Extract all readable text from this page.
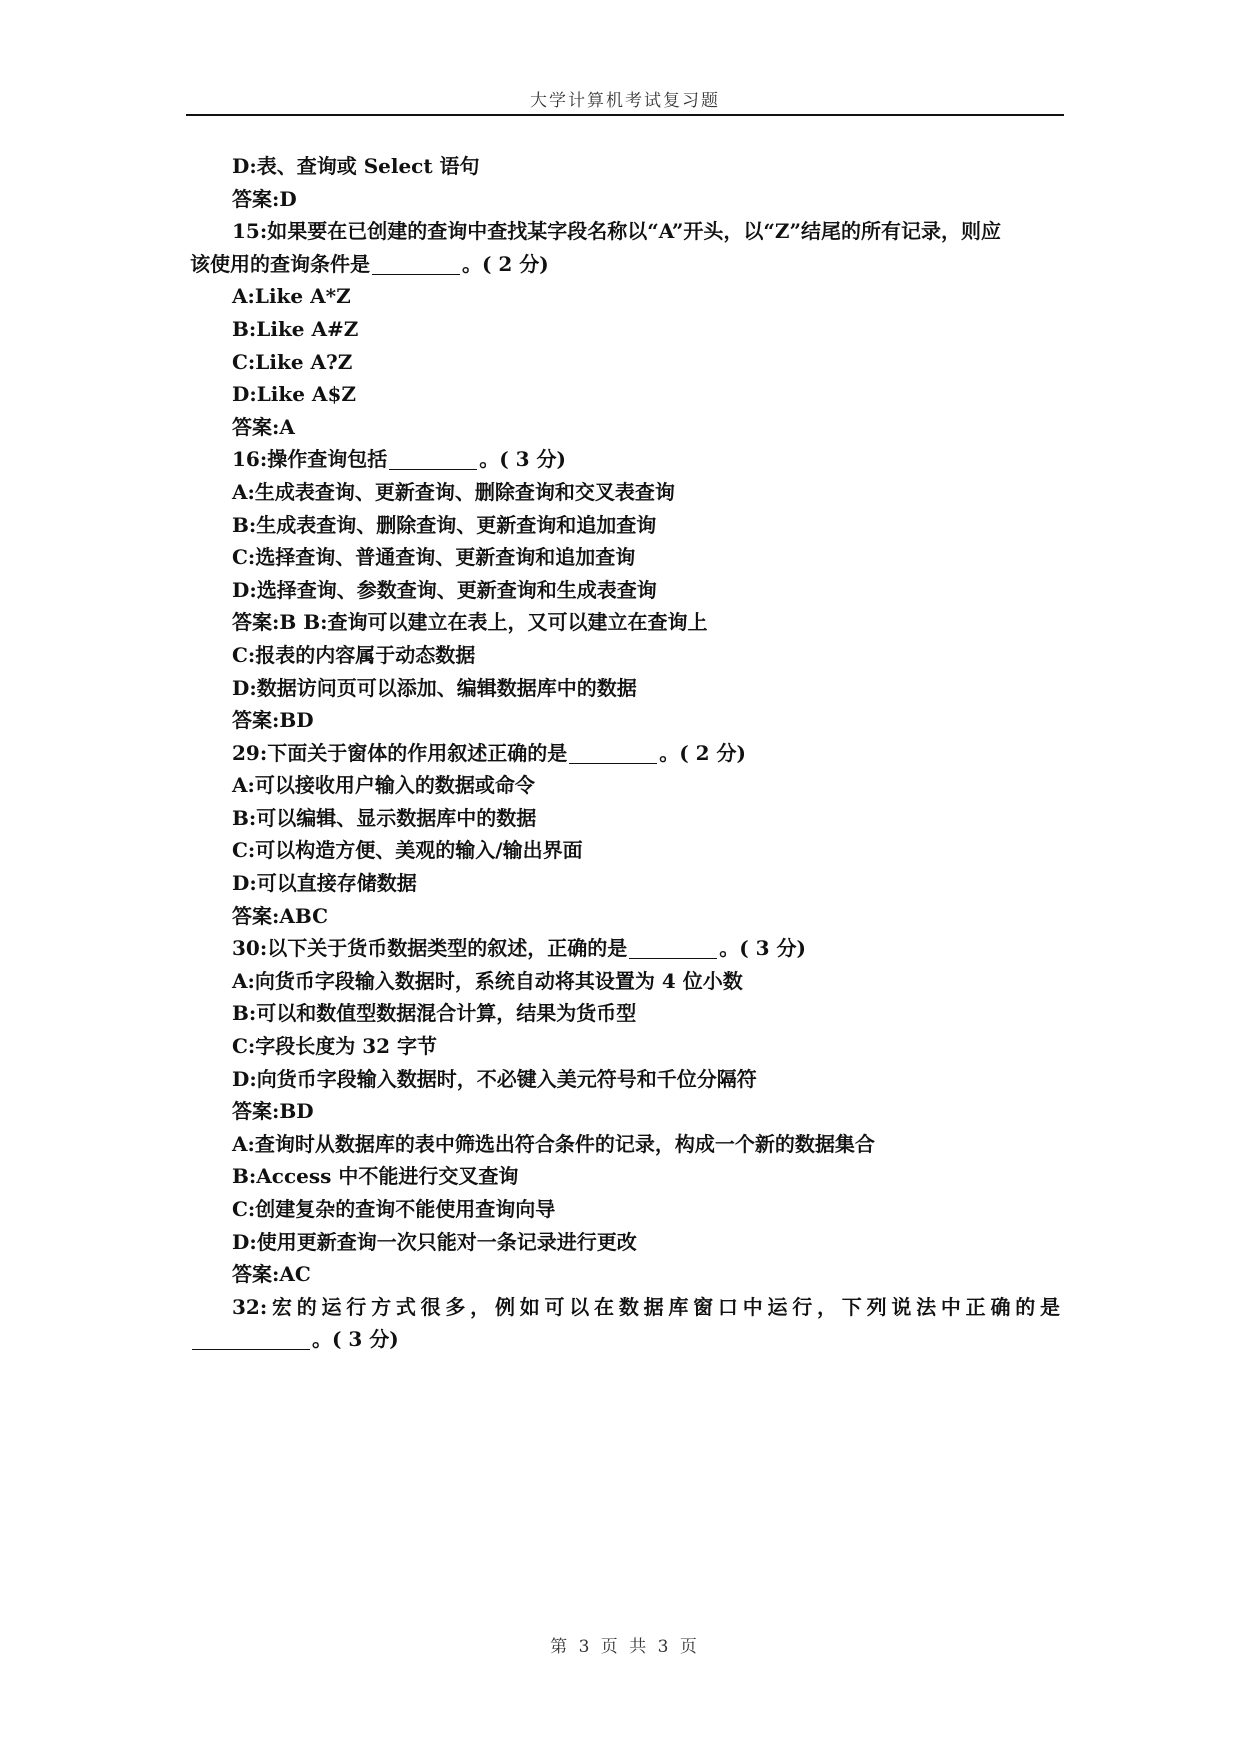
大学计算机考试复习题
D:表、查询或 Select 语句
答案:D
15:如果要在已创建的查询中查找某字段名称以“A”开头，以“Z”结尾的所有记录，则应
该使用的查询条件是	。( 2 分)
A:Like A*Z
B:Like A#Z
C:Like A?Z
D:Like A$Z
答案:A
16:操作查询包括	。( 3 分)
A:生成表查询、更新查询、删除查询和交叉表查询
B:生成表查询、删除查询、更新查询和追加查询
C:选择查询、普通查询、更新查询和追加查询
D:选择查询、参数查询、更新查询和生成表查询
答案:B B:查询可以建立在表上，又可以建立在查询上
C:报表的内容属于动态数据
D:数据访问页可以添加、编辑数据库中的数据
答案:BD
29:下面关于窗体的作用叙述正确的是	。( 2 分)
A:可以接收用户输入的数据或命令
B:可以编辑、显示数据库中的数据
C:可以构造方便、美观的输入/输出界面
D:可以直接存储数据
答案:ABC
30:以下关于货币数据类型的叙述，正确的是	。( 3 分)
A:向货币字段输入数据时，系统自动将其设置为 4 位小数
B:可以和数值型数据混合计算，结果为货币型
C:字段长度为 32 字节
D:向货币字段输入数据时，不必键入美元符号和千位分隔符
答案:BD
A:查询时从数据库的表中筛选出符合条件的记录，构成一个新的数据集合
B:Access 中不能进行交叉查询
C:创建复杂的查询不能使用查询向导
D:使用更新查询一次只能对一条记录进行更改
答案:AC
32:宏的运行方式很多，例如可以在数据库窗口中运行，下列说法中正确的是
。( 3 分)
第 3 页 共 3 页
